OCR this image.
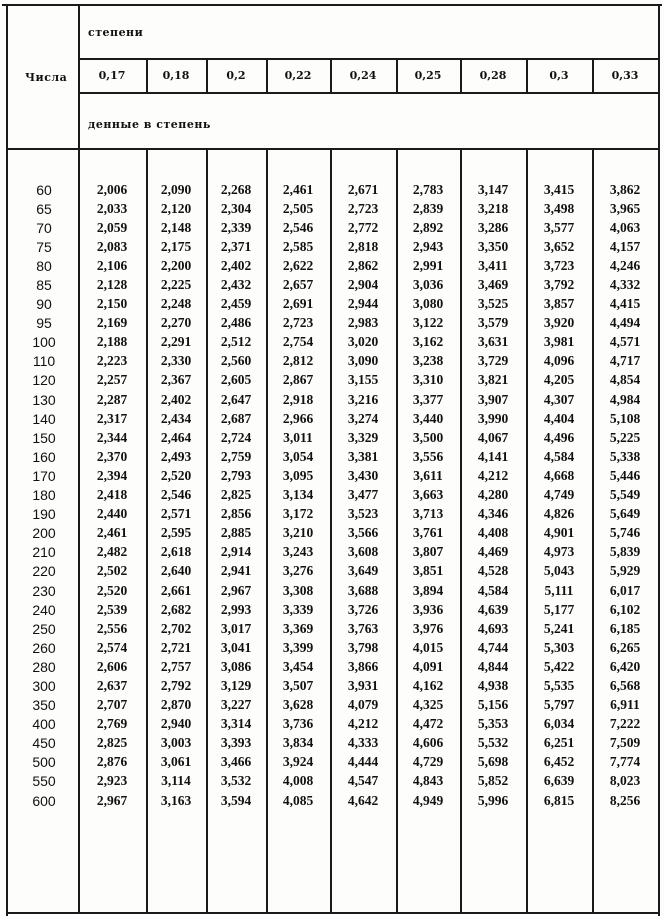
степени
Числа
денные в степень
0,17	0,18	0,2	0,22	0,24	0,25	0,28	0,3	0,33
60	2,006	2,090	2,268	2,461	2,671	2,783	3,147	3,415	3,862
65	2,033	2,120	2,304	2,505	2,723	2,839	3,218	3,498	3,965
70	2,059	2,148	2,339	2,546	2,772	2,892	3,286	3,577	4,063
75	2,083	2,175	2,371	2,585	2,818	2,943	3,350	3,652	4,157
80	2,106	2,200	2,402	2,622	2,862	2,991	3,411	3,723	4,246
85	2,128	2,225	2,432	2,657	2,904	3,036	3,469	3,792	4,332
90	2,150	2,248	2,459	2,691	2,944	3,080	3,525	3,857	4,415
95	2,169	2,270	2,486	2,723	2,983	3,122	3,579	3,920	4,494
100	2,188	2,291	2,512	2,754	3,020	3,162	3,631	3,981	4,571
110	2,223	2,330	2,560	2,812	3,090	3,238	3,729	4,096	4,717
120	2,257	2,367	2,605	2,867	3,155	3,310	3,821	4,205	4,854
130	2,287	2,402	2,647	2,918	3,216	3,377	3,907	4,307	4,984
140	2,317	2,434	2,687	2,966	3,274	3,440	3,990	4,404	5,108
150	2,344	2,464	2,724	3,011	3,329	3,500	4,067	4,496	5,225
160	2,370	2,493	2,759	3,054	3,381	3,556	4,141	4,584	5,338
170	2,394	2,520	2,793	3,095	3,430	3,611	4,212	4,668	5,446
180	2,418	2,546	2,825	3,134	3,477	3,663	4,280	4,749	5,549
190	2,440	2,571	2,856	3,172	3,523	3,713	4,346	4,826	5,649
200	2,461	2,595	2,885	3,210	3,566	3,761	4,408	4,901	5,746
210	2,482	2,618	2,914	3,243	3,608	3,807	4,469	4,973	5,839
220	2,502	2,640	2,941	3,276	3,649	3,851	4,528	5,043	5,929
230	2,520	2,661	2,967	3,308	3,688	3,894	4,584	5,111	6,017
240	2,539	2,682	2,993	3,339	3,726	3,936	4,639	5,177	6,102
250	2,556	2,702	3,017	3,369	3,763	3,976	4,693	5,241	6,185
260	2,574	2,721	3,041	3,399	3,798	4,015	4,744	5,303	6,265
280	2,606	2,757	3,086	3,454	3,866	4,091	4,844	5,422	6,420
300	2,637	2,792	3,129	3,507	3,931	4,162	4,938	5,535	6,568
350	2,707	2,870	3,227	3,628	4,079	4,325	5,156	5,797	6,911
400	2,769	2,940	3,314	3,736	4,212	4,472	5,353	6,034	7,222
450	2,825	3,003	3,393	3,834	4,333	4,606	5,532	6,251	7,509
500	2,876	3,061	3,466	3,924	4,444	4,729	5,698	6,452	7,774
550	2,923	3,114	3,532	4,008	4,547	4,843	5,852	6,639	8,023
600	2,967	3,163	3,594	4,085	4,642	4,949	5,996	6,815	8,256
